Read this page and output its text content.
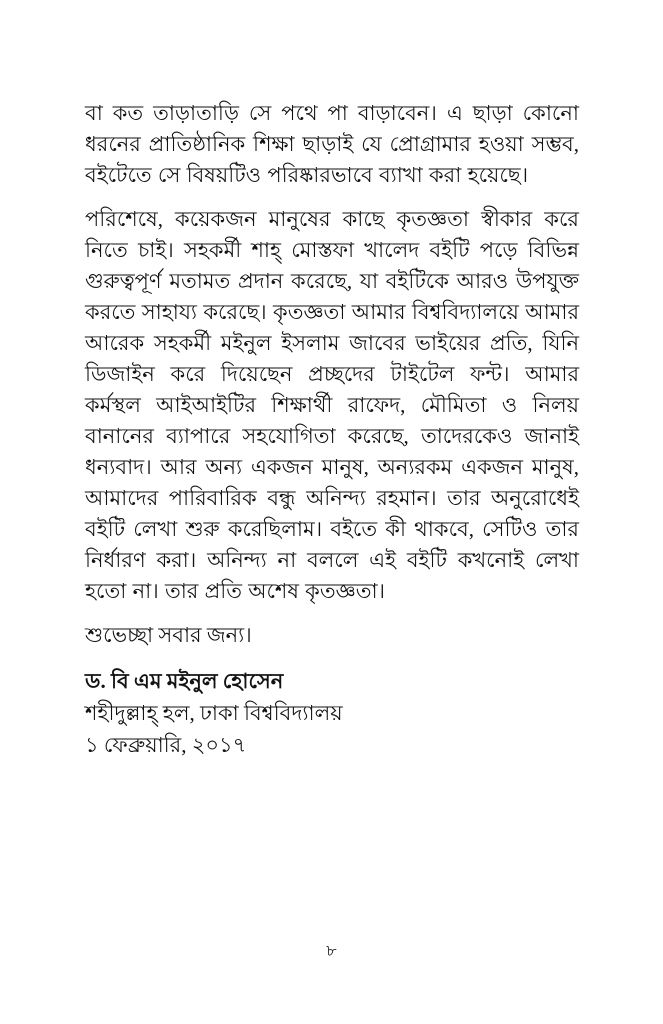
বা কত তাড়াতাড়ি সে পথে পা বাড়াবেন। এ ছাড়া কোনো ধরনের প্রাতিষ্ঠানিক শিক্ষা ছাড়াই যে প্রোগ্রামার হওয়া সম্ভব, বইটেতে সে বিষয়টিও পরিষ্কারভাবে ব্যাখা করা হয়েছে।

পরিশেষে, কয়েকজন মানুষের কাছে কৃতজ্ঞতা স্বীকার করে নিতে চাই। সহকর্মী শাহ্‌ মোস্তফা খালেদ বইটি পড়ে বিভিন্ন গুরুত্বপূর্ণ মতামত প্রদান করেছে, যা বইটিকে আরও উপযুক্ত করতে সাহায্য করেছে। কৃতজ্ঞতা আমার বিশ্ববিদ্যালয়ে আমার আরেক সহকর্মী মইনুল ইসলাম জাবের ভাইয়ের প্রতি, যিনি ডিজাইন করে দিয়েছেন প্রচ্ছদের টাইটেল ফন্ট। আমার কর্মস্থল আইআইটির শিক্ষার্থী রাফেদ, মৌমিতা ও নিলয় বানানের ব্যাপারে সহযোগিতা করেছে, তাদেরকেও জানাই ধন্যবাদ। আর অন্য একজন মানুষ, অন্যরকম একজন মানুষ, আমাদের পারিবারিক বন্ধু অনিন্দ্য রহমান। তার অনুরোধেই বইটি লেখা শুরু করেছিলাম। বইতে কী থাকবে, সেটিও তার নির্ধারণ করা। অনিন্দ্য না বললে এই বইটি কখনোই লেখা হতো না। তার প্রতি অশেষ কৃতজ্ঞতা।

শুভেচ্ছা সবার জন্য।

ড. বি এম মইনুল হোসেন
শহীদুল্লাহ্‌ হল, ঢাকা বিশ্ববিদ্যালয়
১ ফেব্রুয়ারি, ২০১৭
৮
